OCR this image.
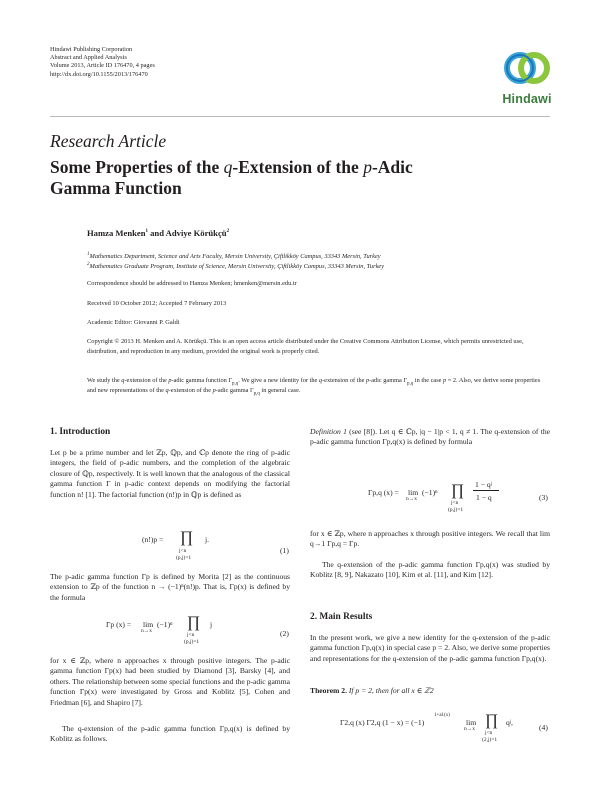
Hindawi Publishing Corporation
Abstract and Applied Analysis
Volume 2013, Article ID 176470, 4 pages
http://dx.doi.org/10.1155/2013/176470
Hindawi
Research Article
Some Properties of the q-Extension of the p-Adic
Gamma Function
Hamza Menken$^1$ and Adviye Körükçü$^2$
$^1$Mathematics Department, Science and Arts Faculty, Mersin University, Çiftlikköy Campus, 33343 Mersin, Turkey
$^2$Mathematics Graduate Program, Institute of Science, Mersin University, Çiftlikköy Campus, 33343 Mersin, Turkey
Correspondence should be addressed to Hamza Menken; hmenken@mersin.edu.tr
Received 10 October 2012; Accepted 7 February 2013
Academic Editor: Giovanni P. Galdi
Copyright © 2013 H. Menken and A. Körükçü. This is an open access article distributed under the Creative Commons Attribution License, which permits unrestricted use, distribution, and reproduction in any medium, provided the original work is properly cited.
We study the q-extension of the p-adic gamma function $\Gamma_{p,q}$. We give a new identity for the q-extension of the p-adic gamma $\Gamma_{p,q}$ in the case p = 2. Also, we derive some properties and new representations of the q-extension of the p-adic gamma $\Gamma_{p,q}$ in general case.
1. Introduction
Let p be a prime number and let ℤp, ℚp, and ℂp denote the ring of p-adic integers, the field of p-adic numbers, and the completion of the algebraic closure of ℚp, respectively. It is well known that the analogous of the classical gamma function Γ in p-adic context depends on modifying the factorial function n! [1]. The factorial function (n!)p in ℚp is defined as
(n!)p = ∏ j.
j<n
(p,j)=1
(1)
The p-adic gamma function Γp is defined by Morita [2] as the continuous extension to ℤp of the function n → (−1)ⁿ(n!)p. That is, Γp(x) is defined by the formula
Γp (x) = lim
n→x
(−1)ⁿ ∏ j
j<n
(p,j)=1
(2)
for x ∈ ℤp, where n approaches x through positive integers. The p-adic gamma function Γp(x) had been studied by Diamond [3], Barsky [4], and others. The relationship between some special functions and the p-adic gamma function Γp(x) were investigated by Gross and Koblitz [5], Cohen and Friedman [6], and Shapiro [7].
The q-extension of the p-adic gamma function Γp,q(x) is defined by Koblitz as follows.
Definition 1 (see [8]). Let q ∈ ℂp, |q − 1|p < 1, q ≠ 1. The q-extension of the p-adic gamma function Γp,q(x) is defined by formula
Γp,q (x) = lim
n→x
(−1)ⁿ ∏ 1 − qʲ
1 − q
j<n
(p,j)=1
(3)
for x ∈ ℤp, where n approaches x through positive integers. We recall that lim q→1 Γp,q = Γp.
The q-extension of the p-adic gamma function Γp,q(x) was studied by Koblitz [8, 9], Nakazato [10], Kim et al. [11], and Kim [12].
2. Main Results
In the present work, we give a new identity for the q-extension of the p-adic gamma function Γp,q(x) in special case p = 2. Also, we derive some properties and representations for the q-extension of the p-adic gamma function Γp,q(x).
Theorem 2. If p = 2, then for all x ∈ ℤ2
Γ2,q (x) Γ2,q (1 − x) = (−1)
1+a1(x)
lim
n→x ∏ qʲ,
j<n
(2,j)=1
(4)
